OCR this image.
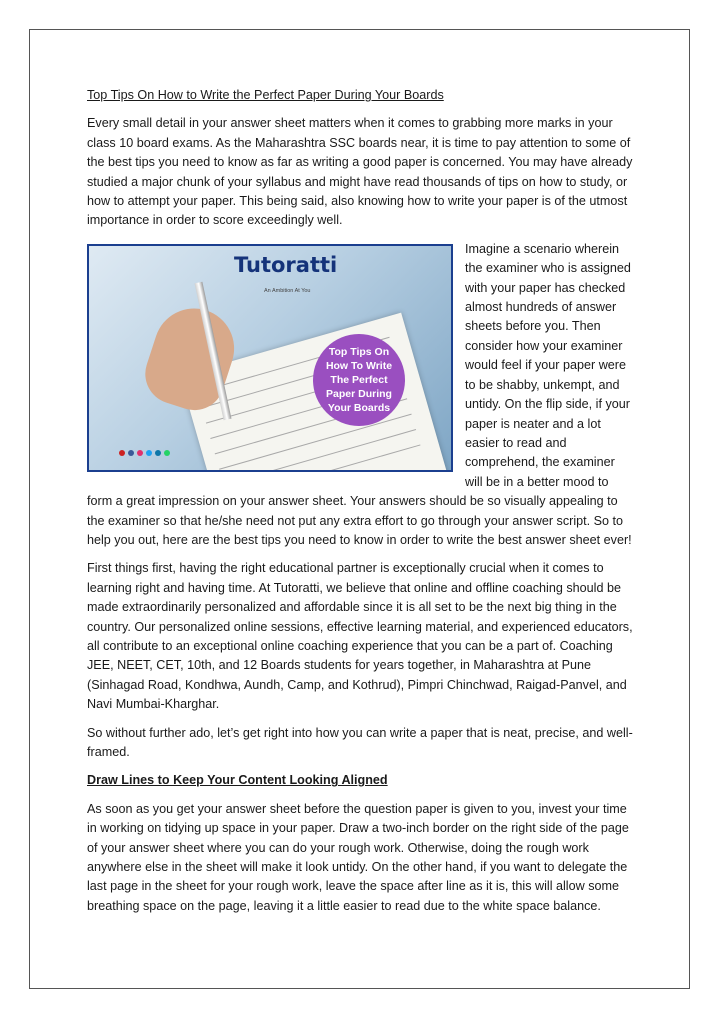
Top Tips On How to Write the Perfect Paper During Your Boards

Every small detail in your answer sheet matters when it comes to grabbing more marks in your class 10 board exams. As the Maharashtra SSC boards near, it is time to pay attention to some of the best tips you need to know as far as writing a good paper is concerned. You may have already studied a major chunk of your syllabus and might have read thousands of tips on how to study, or how to attempt your paper. This being said, also knowing how to write your paper is of the utmost importance in order to score exceedingly well.

Tutoratti
An Ambition At You
Top Tips On How To Write The Perfect Paper During Your Boards

Imagine a scenario wherein the examiner who is assigned with your paper has checked almost hundreds of answer sheets before you. Then consider how your examiner would feel if your paper were to be shabby, unkempt, and untidy. On the flip side, if your paper is neater and a lot easier to read and comprehend, the examiner will be in a better mood to form a great impression on your answer sheet. Your answers should be so visually appealing to the examiner so that he/she need not put any extra effort to go through your answer script. So to help you out, here are the best tips you need to know in order to write the best answer sheet ever!

First things first, having the right educational partner is exceptionally crucial when it comes to learning right and having time. At Tutoratti, we believe that online and offline coaching should be made extraordinarily personalized and affordable since it is all set to be the next big thing in the country. Our personalized online sessions, effective learning material, and experienced educators, all contribute to an exceptional online coaching experience that you can be a part of. Coaching JEE, NEET, CET, 10th, and 12 Boards students for years together, in Maharashtra at Pune (Sinhagad Road, Kondhwa, Aundh, Camp, and Kothrud), Pimpri Chinchwad, Raigad-Panvel, and Navi Mumbai-Kharghar.

So without further ado, let’s get right into how you can write a paper that is neat, precise, and well-framed.

Draw Lines to Keep Your Content Looking Aligned

As soon as you get your answer sheet before the question paper is given to you, invest your time in working on tidying up space in your paper. Draw a two-inch border on the right side of the page of your answer sheet where you can do your rough work. Otherwise, doing the rough work anywhere else in the sheet will make it look untidy. On the other hand, if you want to delegate the last page in the sheet for your rough work, leave the space after line as it is, this will allow some breathing space on the page, leaving it a little easier to read due to the white space balance.
